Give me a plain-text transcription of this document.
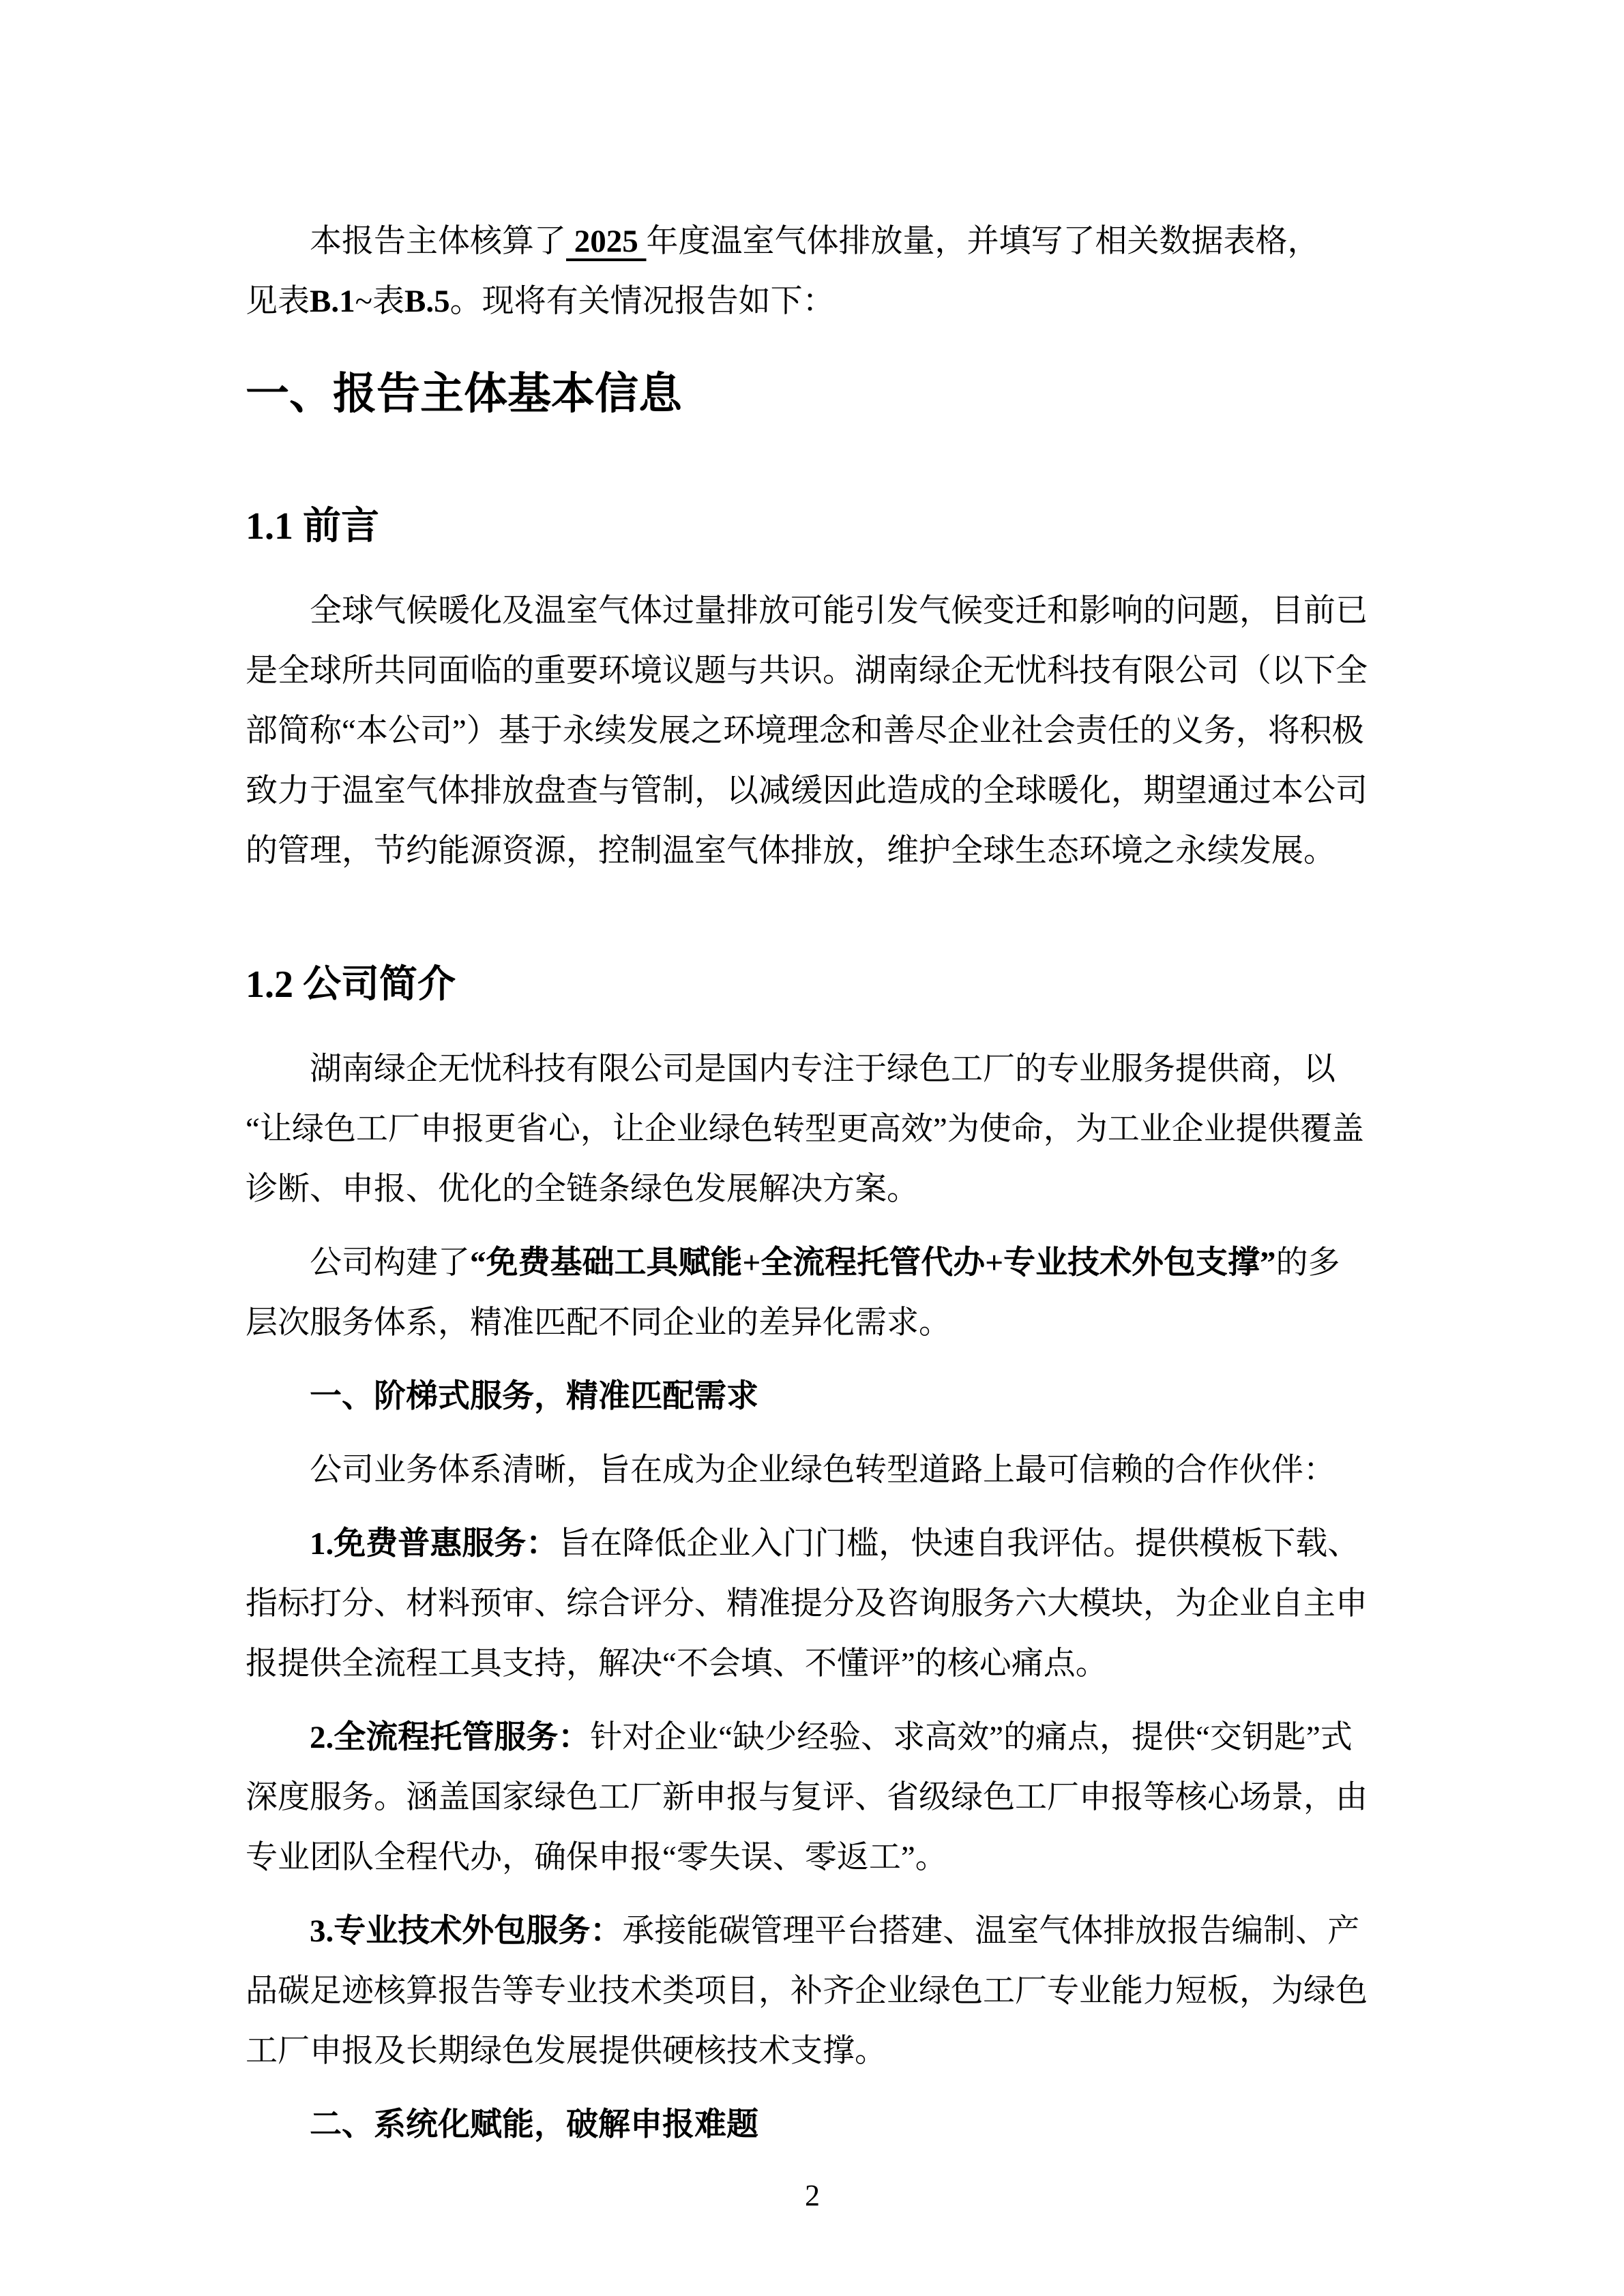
本报告主体核算了 2025 年度温室气体排放量，并填写了相关数据表格，
见表B.1~表B.5。现将有关情况报告如下：

一、报告主体基本信息
1.1 前言

全球气候暖化及温室气体过量排放可能引发气候变迁和影响的问题，目前已
是全球所共同面临的重要环境议题与共识。湖南绿企无忧科技有限公司（以下全
部简称“本公司”）基于永续发展之环境理念和善尽企业社会责任的义务，将积极
致力于温室气体排放盘查与管制，以减缓因此造成的全球暖化，期望通过本公司
的管理，节约能源资源，控制温室气体排放，维护全球生态环境之永续发展。

1.2 公司简介

湖南绿企无忧科技有限公司是国内专注于绿色工厂的专业服务提供商，以
“让绿色工厂申报更省心，让企业绿色转型更高效”为使命，为工业企业提供覆盖
诊断、申报、优化的全链条绿色发展解决方案。

公司构建了“免费基础工具赋能+全流程托管代办+专业技术外包支撑”的多
层次服务体系，精准匹配不同企业的差异化需求。

一、阶梯式服务，精准匹配需求

公司业务体系清晰，旨在成为企业绿色转型道路上最可信赖的合作伙伴：

1.免费普惠服务：旨在降低企业入门门槛，快速自我评估。提供模板下载、
指标打分、材料预审、综合评分、精准提分及咨询服务六大模块，为企业自主申
报提供全流程工具支持，解决“不会填、不懂评”的核心痛点。

2.全流程托管服务：针对企业“缺少经验、求高效”的痛点，提供“交钥匙”式
深度服务。涵盖国家绿色工厂新申报与复评、省级绿色工厂申报等核心场景，由
专业团队全程代办，确保申报“零失误、零返工”。

3.专业技术外包服务：承接能碳管理平台搭建、温室气体排放报告编制、产
品碳足迹核算报告等专业技术类项目，补齐企业绿色工厂专业能力短板，为绿色
工厂申报及长期绿色发展提供硬核技术支撑。

二、系统化赋能，破解申报难题

2
